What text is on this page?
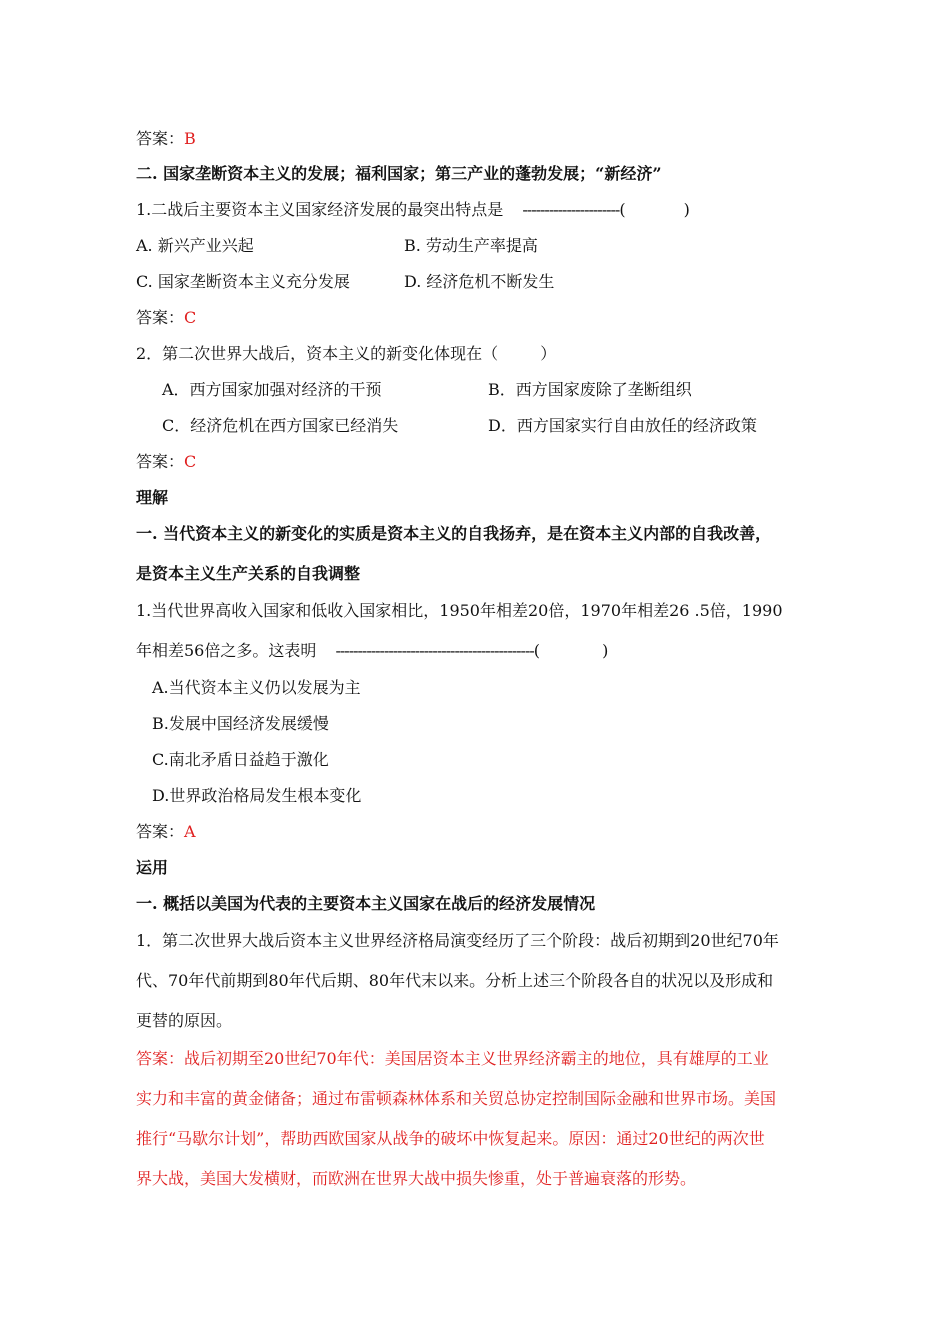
答案：B
二. 国家垄断资本主义的发展；福利国家；第三产业的蓬勃发展；“新经济”
1.二战后主要资本主义国家经济发展的最突出特点是 ----------------------(	)
A. 新兴产业兴起	B. 劳动生产率提高
C. 国家垄断资本主义充分发展	D. 经济危机不断发生
答案：C
2．第二次世界大战后，资本主义的新变化体现在（	）
A．西方国家加强对经济的干预	B．西方国家废除了垄断组织
C．经济危机在西方国家已经消失	D．西方国家实行自由放任的经济政策
答案：C
理解
一. 当代资本主义的新变化的实质是资本主义的自我扬弃，是在资本主义内部的自我改善，
是资本主义生产关系的自我调整
1.当代世界高收入国家和低收入国家相比，1950年相差20倍，1970年相差26 .5倍，1990
年相差56倍之多。这表明 ---------------------------------------------(	)
A.当代资本主义仍以发展为主
B.发展中国经济发展缓慢
C.南北矛盾日益趋于激化
D.世界政治格局发生根本变化
答案：A
运用
一. 概括以美国为代表的主要资本主义国家在战后的经济发展情况
1．第二次世界大战后资本主义世界经济格局演变经历了三个阶段：战后初期到20世纪70年
代、70年代前期到80年代后期、80年代末以来。分析上述三个阶段各自的状况以及形成和
更替的原因。
答案：战后初期至20世纪70年代：美国居资本主义世界经济霸主的地位，具有雄厚的工业
实力和丰富的黄金储备；通过布雷顿森林体系和关贸总协定控制国际金融和世界市场。美国
推行“马歇尔计划”，帮助西欧国家从战争的破坏中恢复起来。原因：通过20世纪的两次世
界大战，美国大发横财，而欧洲在世界大战中损失惨重，处于普遍衰落的形势。
